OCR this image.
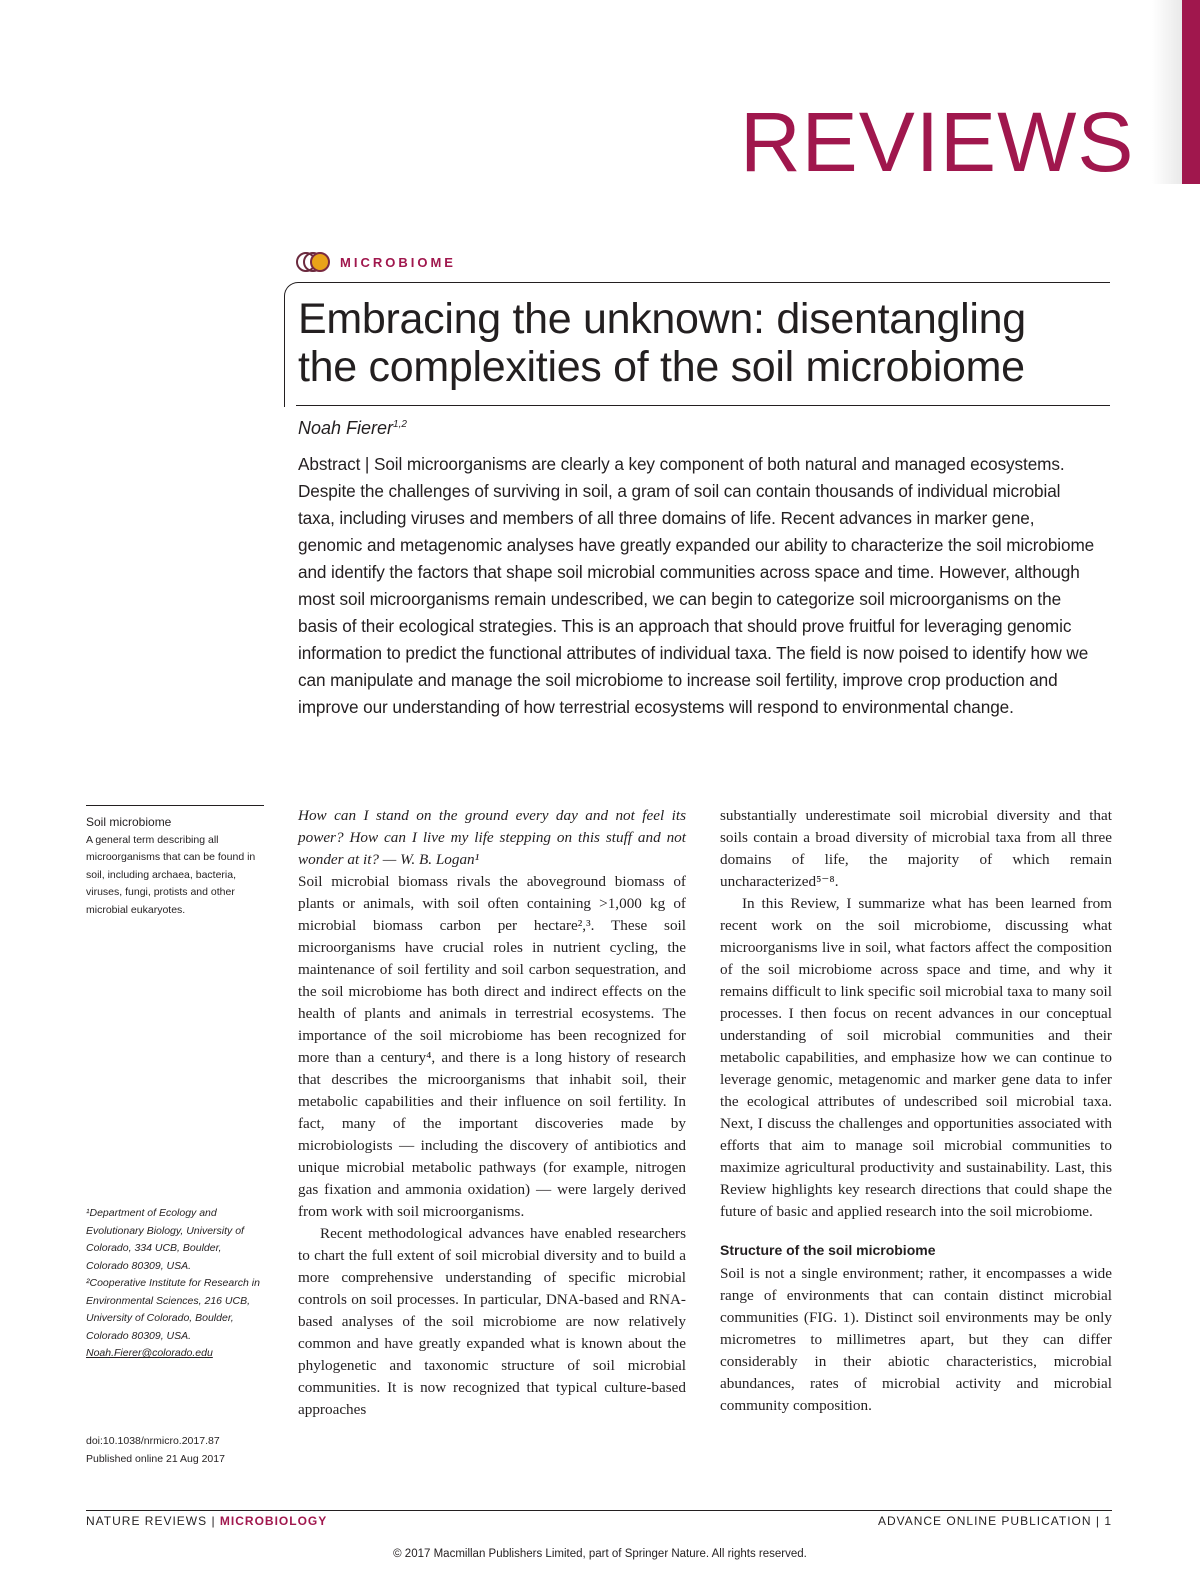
REVIEWS
MICROBIOME
Embracing the unknown: disentangling
the complexities of the soil microbiome
Noah Fierer$^{1,2}$

Abstract | Soil microorganisms are clearly a key component of both natural and managed ecosystems. Despite the challenges of surviving in soil, a gram of soil can contain thousands of individual microbial taxa, including viruses and members of all three domains of life. Recent advances in marker gene, genomic and metagenomic analyses have greatly expanded our ability to characterize the soil microbiome and identify the factors that shape soil microbial communities across space and time. However, although most soil microorganisms remain undescribed, we can begin to categorize soil microorganisms on the basis of their ecological strategies. This is an approach that should prove fruitful for leveraging genomic information to predict the functional attributes of individual taxa. The field is now poised to identify how we can manipulate and manage the soil microbiome to increase soil fertility, improve crop production and improve our understanding of how terrestrial ecosystems will respond to environmental change.

Soil microbiome
A general term describing all microorganisms that can be found in soil, including archaea, bacteria, viruses, fungi, protists and other microbial eukaryotes.
¹Department of Ecology and Evolutionary Biology, University of Colorado, 334 UCB, Boulder, Colorado 80309, USA.
²Cooperative Institute for Research in Environmental Sciences, 216 UCB, University of Colorado, Boulder, Colorado 80309, USA.
Noah.Fierer@colorado.edu
doi:10.1038/nrmicro.2017.87
Published online 21 Aug 2017

How can I stand on the ground every day and not feel its power? How can I live my life stepping on this stuff and not wonder at it? — W. B. Logan¹

Soil microbial biomass rivals the aboveground biomass of plants or animals, with soil often containing >1,000 kg of microbial biomass carbon per hectare²,³. These soil microorganisms have crucial roles in nutrient cycling, the maintenance of soil fertility and soil carbon sequestration, and the soil microbiome has both direct and indirect effects on the health of plants and animals in terrestrial ecosystems. The importance of the soil microbiome has been recognized for more than a century⁴, and there is a long history of research that describes the microorganisms that inhabit soil, their metabolic capabilities and their influence on soil fertility. In fact, many of the important discoveries made by microbiologists — including the discovery of antibiotics and unique microbial metabolic pathways (for example, nitrogen gas fixation and ammonia oxidation) — were largely derived from work with soil microorganisms.

Recent methodological advances have enabled researchers to chart the full extent of soil microbial diversity and to build a more comprehensive understanding of specific microbial controls on soil processes. In particular, DNA-based and RNA-based analyses of the soil microbiome are now relatively common and have greatly expanded what is known about the phylogenetic and taxonomic structure of soil microbial communities. It is now recognized that typical culture-based approaches

substantially underestimate soil microbial diversity and that soils contain a broad diversity of microbial taxa from all three domains of life, the majority of which remain uncharacterized⁵⁻⁸.

In this Review, I summarize what has been learned from recent work on the soil microbiome, discussing what microorganisms live in soil, what factors affect the composition of the soil microbiome across space and time, and why it remains difficult to link specific soil microbial taxa to many soil processes. I then focus on recent advances in our conceptual understanding of soil microbial communities and their metabolic capabilities, and emphasize how we can continue to leverage genomic, metagenomic and marker gene data to infer the ecological attributes of undescribed soil microbial taxa. Next, I discuss the challenges and opportunities associated with efforts that aim to manage soil microbial communities to maximize agricultural productivity and sustainability. Last, this Review highlights key research directions that could shape the future of basic and applied research into the soil microbiome.

Structure of the soil microbiome

Soil is not a single environment; rather, it encompasses a wide range of environments that can contain distinct microbial communities (FIG. 1). Distinct soil environments may be only micrometres to millimetres apart, but they can differ considerably in their abiotic characteristics, microbial abundances, rates of microbial activity and microbial community composition.

NATURE REVIEWS | MICROBIOLOGY	ADVANCE ONLINE PUBLICATION | 1
© 2017 Macmillan Publishers Limited, part of Springer Nature. All rights reserved.
